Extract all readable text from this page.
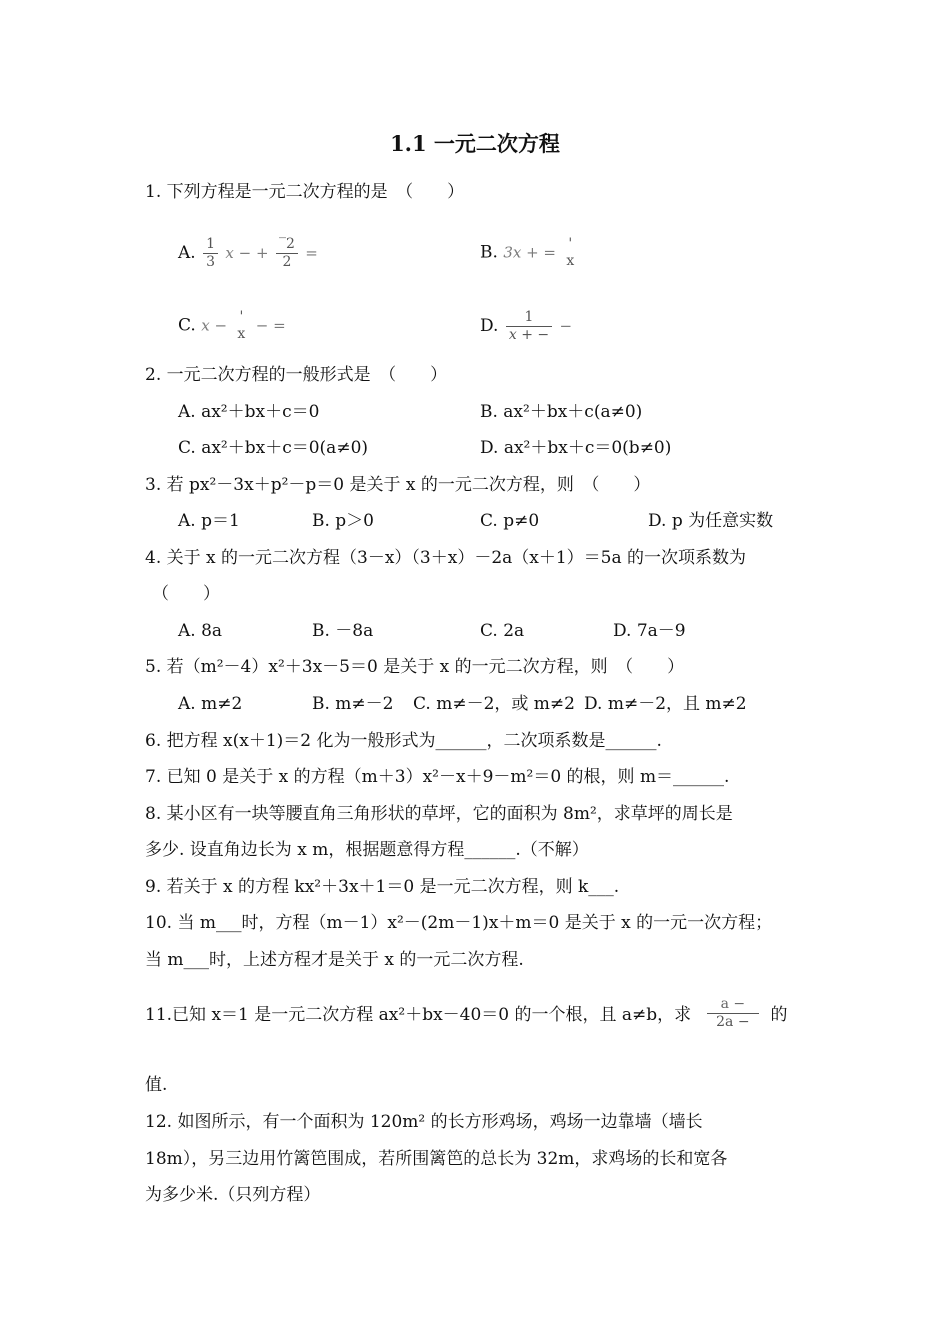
1.1 一元二次方程
1. 下列方程是一元二次方程的是　（　　）
A. $\frac{1}{3}$ x − + $\frac{‾2}{2}$ =	B. 3x + = '
x
C. x − '
x − =	D. $\frac{1}{x + -}$ −
2. 一元二次方程的一般形式是　（　　）
A. ax²＋bx＋c＝0	B. ax²＋bx＋c(a≠0)
C. ax²＋bx＋c＝0(a≠0)	D. ax²＋bx＋c＝0(b≠0)
3. 若 px²－3x＋p²－p＝0 是关于 x 的一元二次方程，则　（　　）
A. p＝1	B. p＞0	C. p≠0	D. p 为任意实数
4. 关于 x 的一元二次方程（3－x）（3＋x）－2a（x＋1）＝5a 的一次项系数为
（　　）
A. 8a	B. －8a	C. 2a	D. 7a－9
5. 若（m²－4）x²＋3x－5＝0 是关于 x 的一元二次方程，则　（　　）
A. m≠2	B. m≠－2 C. m≠－2，或 m≠2 D. m≠－2，且 m≠2
6. 把方程 x(x＋1)＝2 化为一般形式为______，二次项系数是______.
7. 已知 0 是关于 x 的方程（m＋3）x²－x＋9－m²＝0 的根，则 m＝______.
8. 某小区有一块等腰直角三角形状的草坪，它的面积为 8m²，求草坪的周长是
多少. 设直角边长为 x m，根据题意得方程______.（不解）
9. 若关于 x 的方程 kx²＋3x＋1＝0 是一元二次方程，则 k___.
10. 当 m___时，方程（m－1）x²－(2m－1)x＋m＝0 是关于 x 的一元一次方程；
当 m___时，上述方程才是关于 x 的一元二次方程.
11.已知 x＝1 是一元二次方程 ax²＋bx－40＝0 的一个根，且 a≠b，求 $\frac{a -}{2a -}$ 的
值.
12. 如图所示，有一个面积为 120m² 的长方形鸡场，鸡场一边靠墙（墙长
18m），另三边用竹篱笆围成，若所围篱笆的总长为 32m，求鸡场的长和宽各
为多少米.（只列方程）
